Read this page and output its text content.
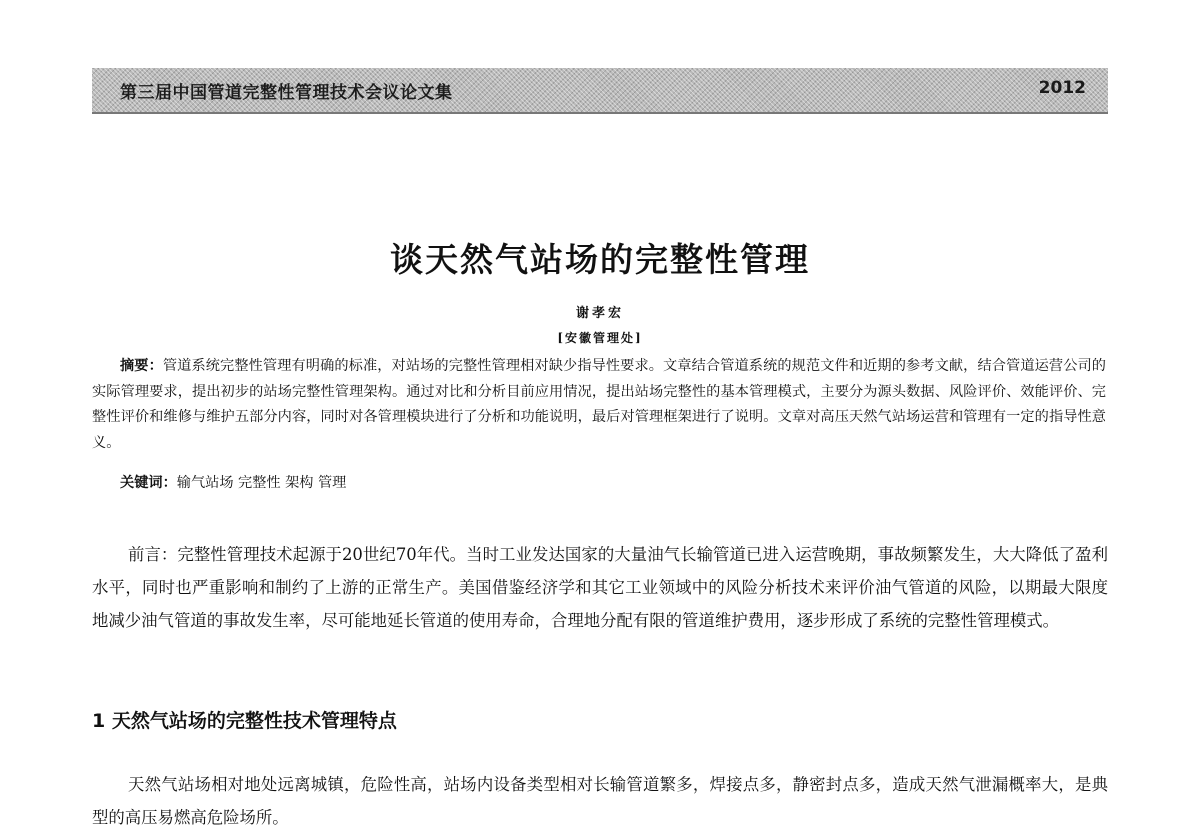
第三届中国管道完整性管理技术会议论文集	2012
谈天然气站场的完整性管理
谢孝宏
[安徽管理处]

摘要：管道系统完整性管理有明确的标准，对站场的完整性管理相对缺少指导性要求。文章结合管道系统的规范文件和近期的参考文献，结合管道运营公司的实际管理要求，提出初步的站场完整性管理架构。通过对比和分析目前应用情况，提出站场完整性的基本管理模式，主要分为源头数据、风险评价、效能评价、完整性评价和维修与维护五部分内容，同时对各管理模块进行了分析和功能说明，最后对管理框架进行了说明。文章对高压天然气站场运营和管理有一定的指导性意义。

关键词：输气站场 完整性 架构 管理

前言：完整性管理技术起源于20世纪70年代。当时工业发达国家的大量油气长输管道已进入运营晚期，事故频繁发生，大大降低了盈利水平，同时也严重影响和制约了上游的正常生产。美国借鉴经济学和其它工业领域中的风险分析技术来评价油气管道的风险，以期最大限度地减少油气管道的事故发生率，尽可能地延长管道的使用寿命，合理地分配有限的管道维护费用，逐步形成了系统的完整性管理模式。

1 天然气站场的完整性技术管理特点

天然气站场相对地处远离城镇，危险性高，站场内设备类型相对长输管道繁多，焊接点多，静密封点多，造成天然气泄漏概率大，是典型的高压易燃高危险场所。
